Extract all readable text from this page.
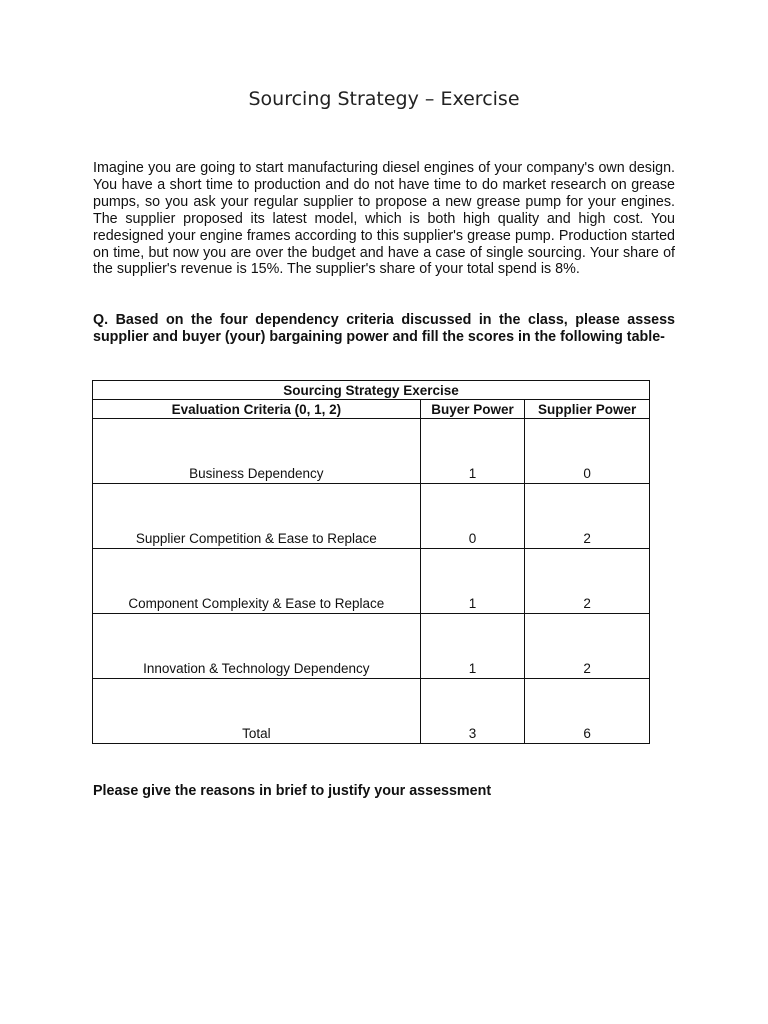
Sourcing Strategy – Exercise

Imagine you are going to start manufacturing diesel engines of your company's own design. You have a short time to production and do not have time to do market research on grease pumps, so you ask your regular supplier to propose a new grease pump for your engines. The supplier proposed its latest model, which is both high quality and high cost. You redesigned your engine frames according to this supplier's grease pump. Production started on time, but now you are over the budget and have a case of single sourcing. Your share of the supplier's revenue is 15%. The supplier's share of your total spend is 8%.

Q. Based on the four dependency criteria discussed in the class, please assess supplier and buyer (your) bargaining power and fill the scores in the following table-

Sourcing Strategy Exercise		
Evaluation Criteria (0, 1, 2)	Buyer Power	Supplier Power
Business Dependency	1	0
Supplier Competition & Ease to Replace	0	2
Component Complexity & Ease to Replace	1	2
Innovation & Technology Dependency	1	2
Total	3	6
Please give the reasons in brief to justify your assessment
